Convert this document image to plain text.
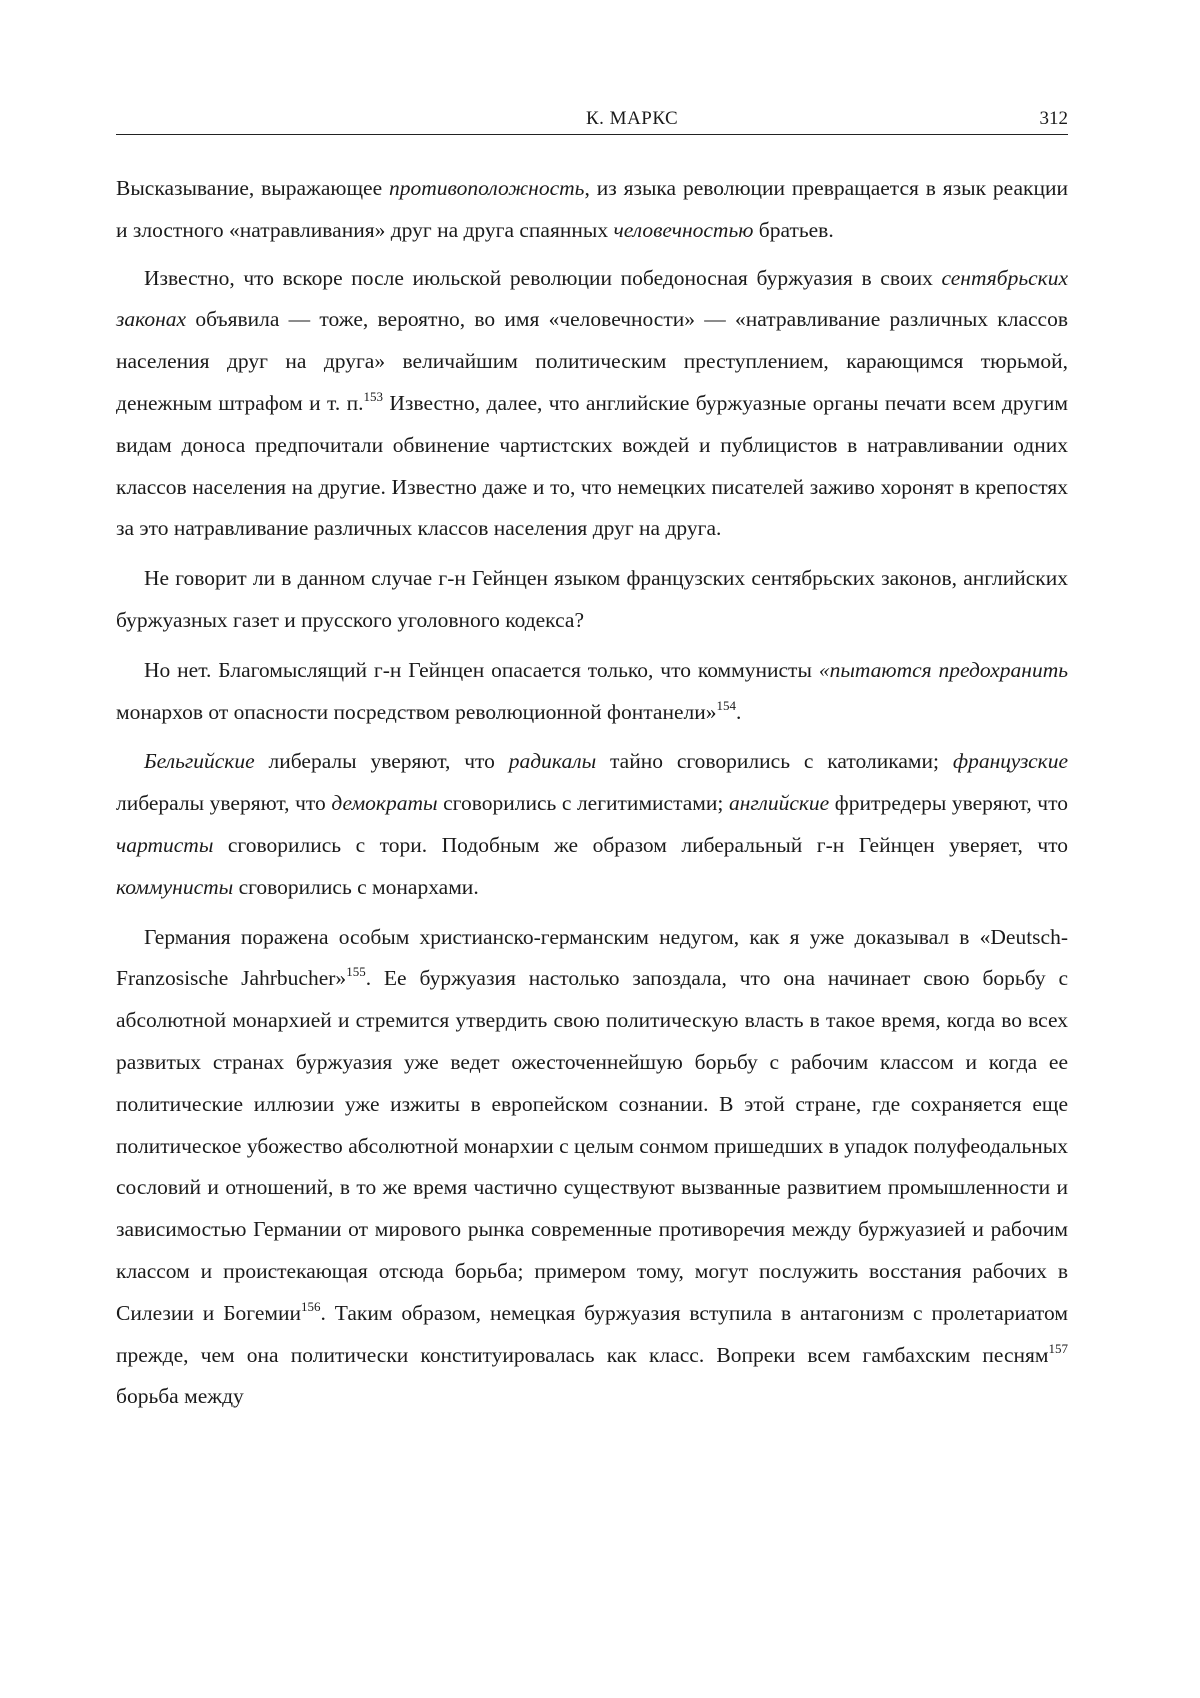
К. МАРКС	312

Высказывание, выражающее противоположность, из языка революции превращается в язык реакции и злостного «натравливания» друг на друга спаянных человечностью братьев.

Известно, что вскоре после июльской революции победоносная буржуазия в своих сентябрьских законах объявила — тоже, вероятно, во имя «человечности» — «натравливание различных классов населения друг на друга» величайшим политическим преступлением, карающимся тюрьмой, денежным штрафом и т. п.$^{153}$ Известно, далее, что английские буржуазные органы печати всем другим видам доноса предпочитали обвинение чартистских вождей и публицистов в натравливании одних классов населения на другие. Известно даже и то, что немецких писателей заживо хоронят в крепостях за это натравливание различных классов населения друг на друга.

Не говорит ли в данном случае г-н Гейнцен языком французских сентябрьских законов, английских буржуазных газет и прусского уголовного кодекса?

Но нет. Благомыслящий г-н Гейнцен опасается только, что коммунисты «пытаются предохранить монархов от опасности посредством революционной фонтанели»$^{154}$.

Бельгийские либералы уверяют, что радикалы тайно сговорились с католиками; французские либералы уверяют, что демократы сговорились с легитимистами; английские фритредеры уверяют, что чартисты сговорились с тори. Подобным же образом либеральный г-н Гейнцен уверяет, что коммунисты сговорились с монархами.

Германия поражена особым христианско-германским недугом, как я уже доказывал в «Deutsch-Franzosische Jahrbucher»$^{155}$. Ее буржуазия настолько запоздала, что она начинает свою борьбу с абсолютной монархией и стремится утвердить свою политическую власть в такое время, когда во всех развитых странах буржуазия уже ведет ожесточеннейшую борьбу с рабочим классом и когда ее политические иллюзии уже изжиты в европейском сознании. В этой стране, где сохраняется еще политическое убожество абсолютной монархии с целым сонмом пришедших в упадок полуфеодальных сословий и отношений, в то же время частично существуют вызванные развитием промышленности и зависимостью Германии от мирового рынка современные противоречия между буржуазией и рабочим классом и проистекающая отсюда борьба; примером тому, могут послужить восстания рабочих в Силезии и Богемии$^{156}$. Таким образом, немецкая буржуазия вступила в антагонизм с пролетариатом прежде, чем она политически конституировалась как класс. Вопреки всем гамбахским песням$^{157}$ борьба между
